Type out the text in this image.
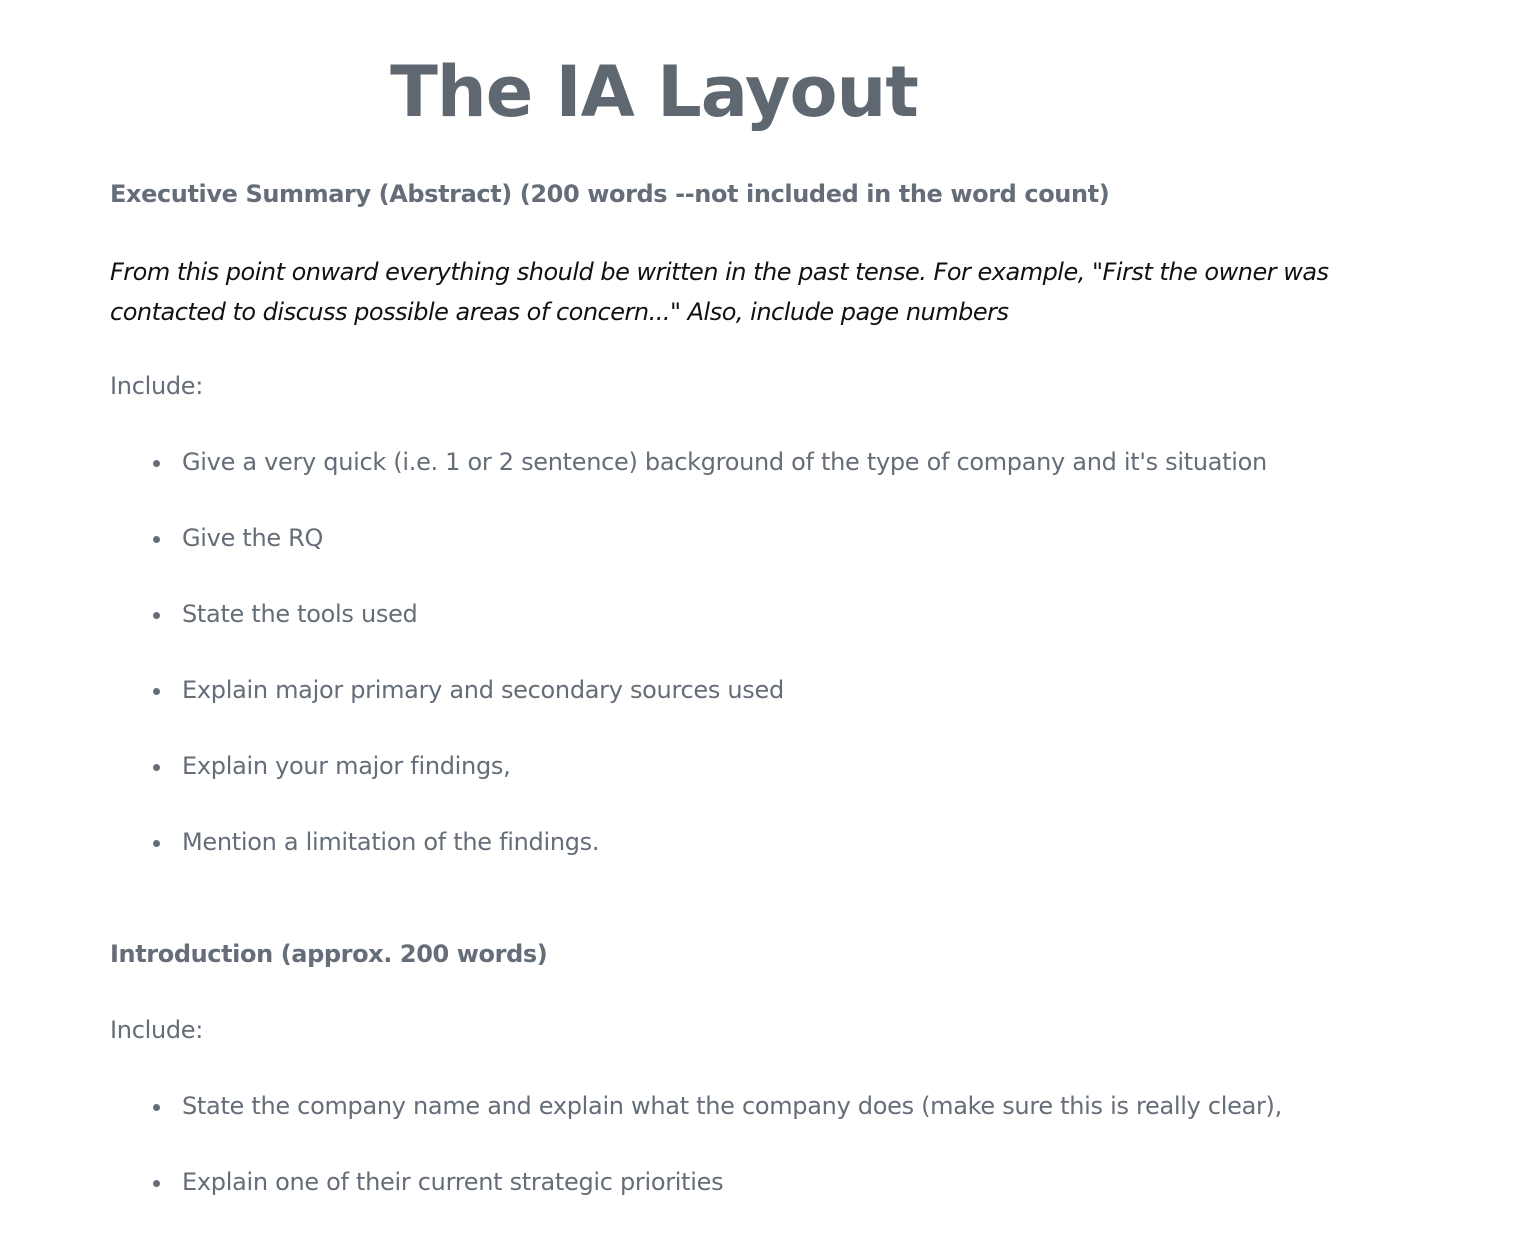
The IA Layout
Executive Summary (Abstract) (200 words --not included in the word count)

From this point onward everything should be written in the past tense. For example, "First the owner was contacted to discuss possible areas of concern..." Also, include page numbers

Include:

Give a very quick (i.e. 1 or 2 sentence) background of the type of company and it's situation
Give the RQ
State the tools used
Explain major primary and secondary sources used
Explain your major findings,
Mention a limitation of the findings.
Introduction (approx. 200 words)

Include:

State the company name and explain what the company does (make sure this is really clear),
Explain one of their current strategic priorities
